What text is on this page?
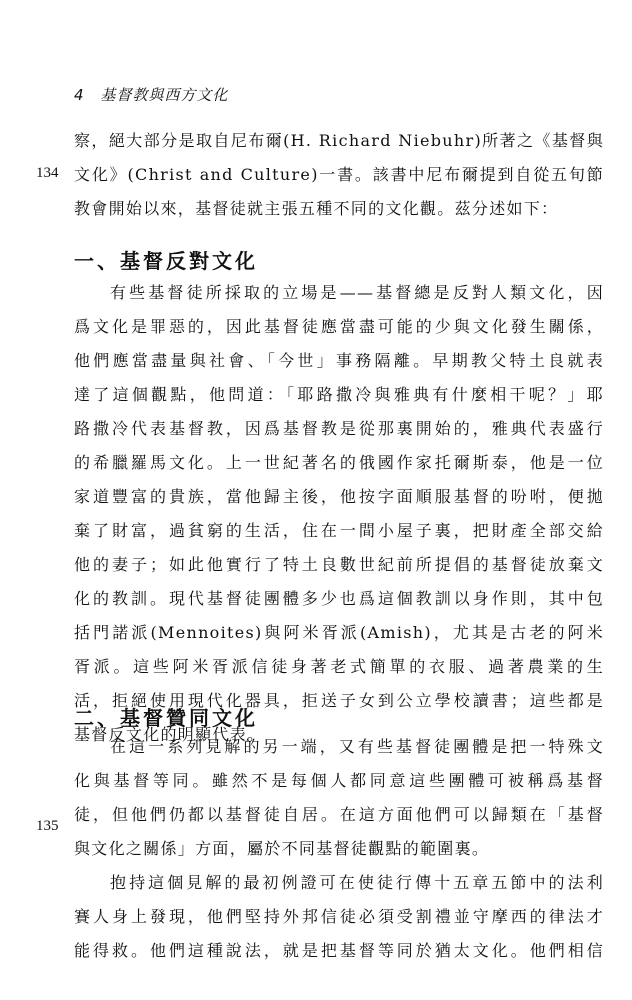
4 基督教與西方文化
察，絕大部分是取自尼布爾(H. Richard Niebuhr)所著之《基督與
文化》(Christ and Culture)一書。該書中尼布爾提到自從五旬節
教會開始以來，基督徒就主張五種不同的文化觀。茲分述如下：
134
一、基督反對文化
有些基督徒所採取的立場是——基督總是反對人類文化，因
爲文化是罪惡的，因此基督徒應當盡可能的少與文化發生關係，
他們應當盡量與社會、「今世」事務隔離。早期教父特土良就表
達了這個觀點，他問道：「耶路撒冷與雅典有什麼相干呢？」耶
路撒冷代表基督教，因爲基督教是從那裏開始的，雅典代表盛行
的希臘羅馬文化。上一世紀著名的俄國作家托爾斯泰，他是一位
家道豐富的貴族，當他歸主後，他按字面順服基督的吩咐，便拋
棄了財富，過貧窮的生活，住在一間小屋子裏，把財產全部交給
他的妻子；如此他實行了特土良數世紀前所提倡的基督徒放棄文
化的教訓。現代基督徒團體多少也爲這個教訓以身作則，其中包
括門諾派(Mennoites)與阿米胥派(Amish)，尤其是古老的阿米
胥派。這些阿米胥派信徒身著老式簡單的衣服、過著農業的生
活，拒絕使用現代化器具，拒送子女到公立學校讀書；這些都是
基督反文化的明顯代表。
二、基督贊同文化
在這一系列見解的另一端，又有些基督徒團體是把一特殊文
化與基督等同。雖然不是每個人都同意這些團體可被稱爲基督
徒，但他們仍都以基督徒自居。在這方面他們可以歸類在「基督
與文化之關係」方面，屬於不同基督徒觀點的範圍裏。
抱持這個見解的最初例證可在使徒行傳十五章五節中的法利
賽人身上發現，他們堅持外邦信徒必須受割禮並守摩西的律法才
能得救。他們這種說法，就是把基督等同於猶太文化。他們相信
135
